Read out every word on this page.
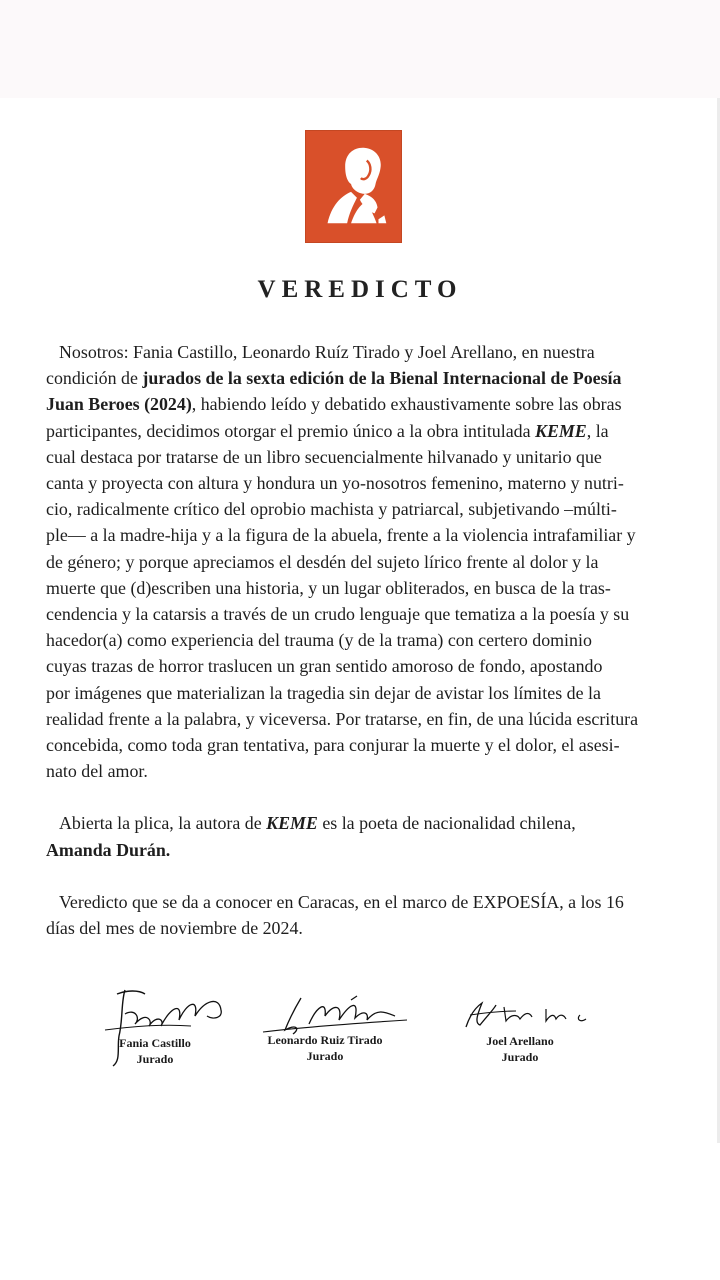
VEREDICTO
Nosotros: Fania Castillo, Leonardo Ruíz Tirado y Joel Arellano, en nuestra
condición de jurados de la sexta edición de la Bienal Internacional de Poesía
Juan Beroes (2024), habiendo leído y debatido exhaustivamente sobre las obras
participantes, decidimos otorgar el premio único a la obra intitulada KEME, la
cual destaca por tratarse de un libro secuencialmente hilvanado y unitario que
canta y proyecta con altura y hondura un yo-nosotros femenino, materno y nutri-
cio, radicalmente crítico del oprobio machista y patriarcal, subjetivando –múlti-
ple— a la madre-hija y a la figura de la abuela, frente a la violencia intrafamiliar y
de género; y porque apreciamos el desdén del sujeto lírico frente al dolor y la
muerte que (d)escriben una historia, y un lugar obliterados, en busca de la tras-
cendencia y la catarsis a través de un crudo lenguaje que tematiza a la poesía y su
hacedor(a) como experiencia del trauma (y de la trama) con certero dominio
cuyas trazas de horror traslucen un gran sentido amoroso de fondo, apostando
por imágenes que materializan la tragedia sin dejar de avistar los límites de la
realidad frente a la palabra, y viceversa. Por tratarse, en fin, de una lúcida escritura
concebida, como toda gran tentativa, para conjurar la muerte y el dolor, el asesi-
nato del amor.
Abierta la plica, la autora de KEME es la poeta de nacionalidad chilena,
Amanda Durán.
Veredicto que se da a conocer en Caracas, en el marco de EXPOESÍA, a los 16
días del mes de noviembre de 2024.
Fania Castillo
Jurado
Leonardo Ruiz Tirado
Jurado
Joel Arellano
Jurado
